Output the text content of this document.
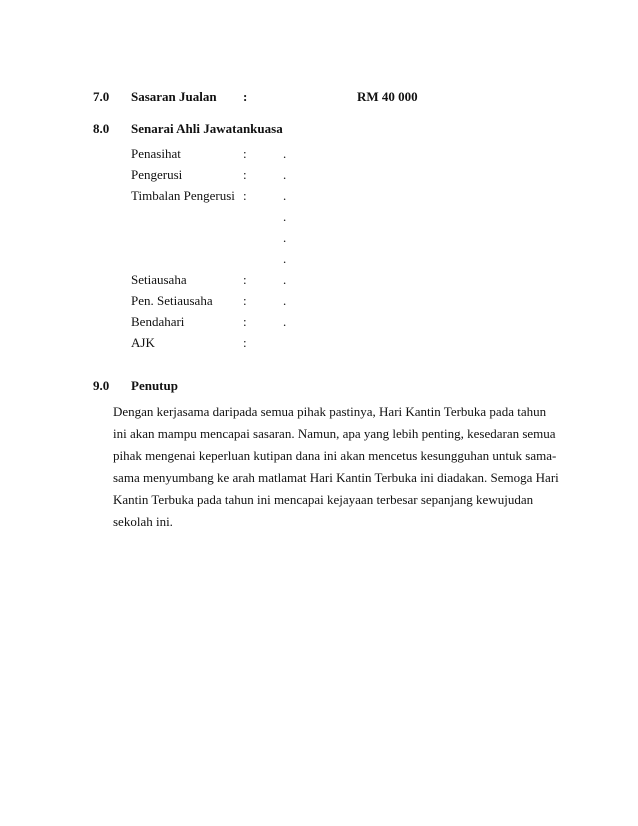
7.0 Sasaran Jualan :	RM 40 000
8.0 Senarai Ahli Jawatankuasa
Penasihat	:	.
Pengerusi	:	.
Timbalan Pengerusi :	.
.
.
.
Setiausaha	:	.
Pen. Setiausaha :	.
Bendahari	:	.
AJK	:
9.0 Penutup
Dengan kerjasama daripada semua pihak pastinya, Hari Kantin Terbuka pada tahun
ini akan mampu mencapai sasaran. Namun, apa yang lebih penting, kesedaran semua
pihak mengenai keperluan kutipan dana ini akan mencetus kesungguhan untuk sama-
sama menyumbang ke arah matlamat Hari Kantin Terbuka ini diadakan. Semoga Hari
Kantin Terbuka pada tahun ini mencapai kejayaan terbesar sepanjang kewujudan
sekolah ini.
